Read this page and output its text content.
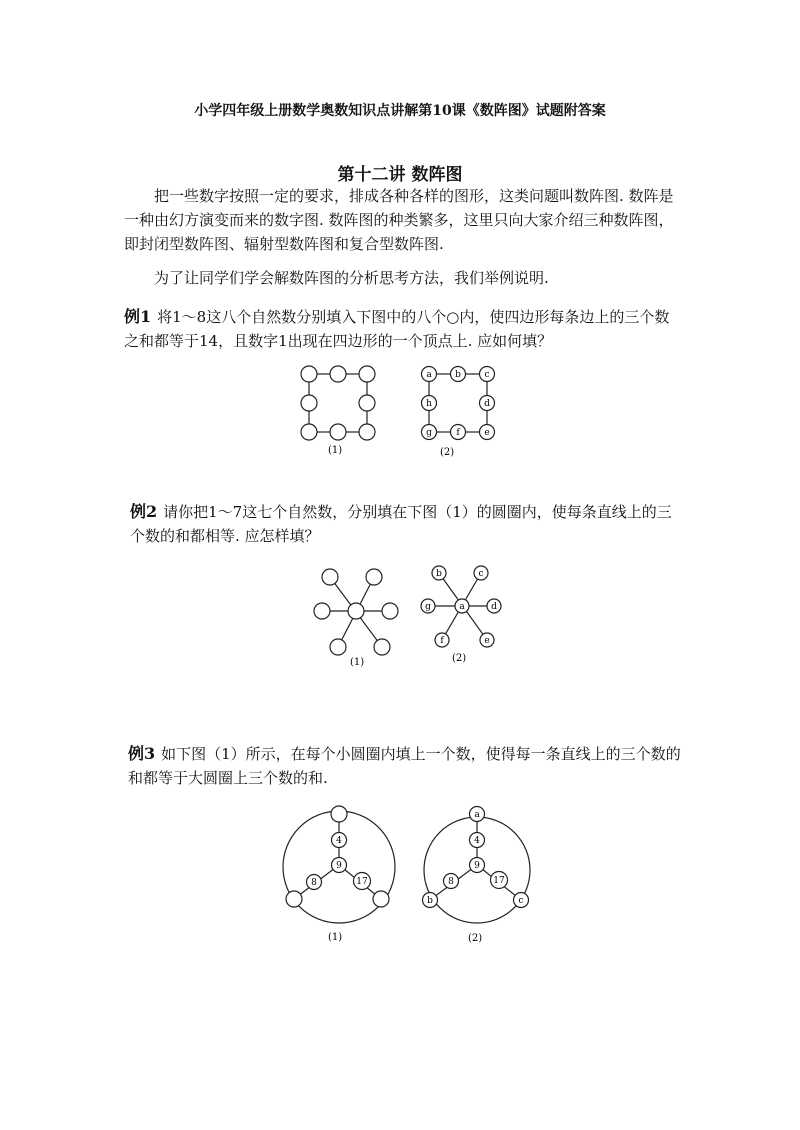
小学四年级上册数学奥数知识点讲解第10课《数阵图》试题附答案
第十二讲 数阵图
把一些数字按照一定的要求，排成各种各样的图形，这类问题叫数阵图. 数阵是一种由幻方演变而来的数字图. 数阵图的种类繁多，这里只向大家介绍三种数阵图，即封闭型数阵图、辐射型数阵图和复合型数阵图.
为了让同学们学会解数阵图的分析思考方法，我们举例说明.
例1 将1～8这八个自然数分别填入下图中的八个○内，使四边形每条边上的三个数之和都等于14，且数字1出现在四边形的一个顶点上. 应如何填？
(1)
a	b	c
d
e
f
g
h
(2)
例2 请你把1～7这七个自然数，分别填在下图（1）的圆圈内，使每条直线上的三个数的和都相等. 应怎样填？
(1)
a
b	c
d
e
f
g
(2)
例3 如下图（1）所示，在每个小圆圈内填上一个数，使得每一条直线上的三个数的和都等于大圆圈上三个数的和.
4
9
8	17
(1)
a
4
9
8	17
b	c
(2)
